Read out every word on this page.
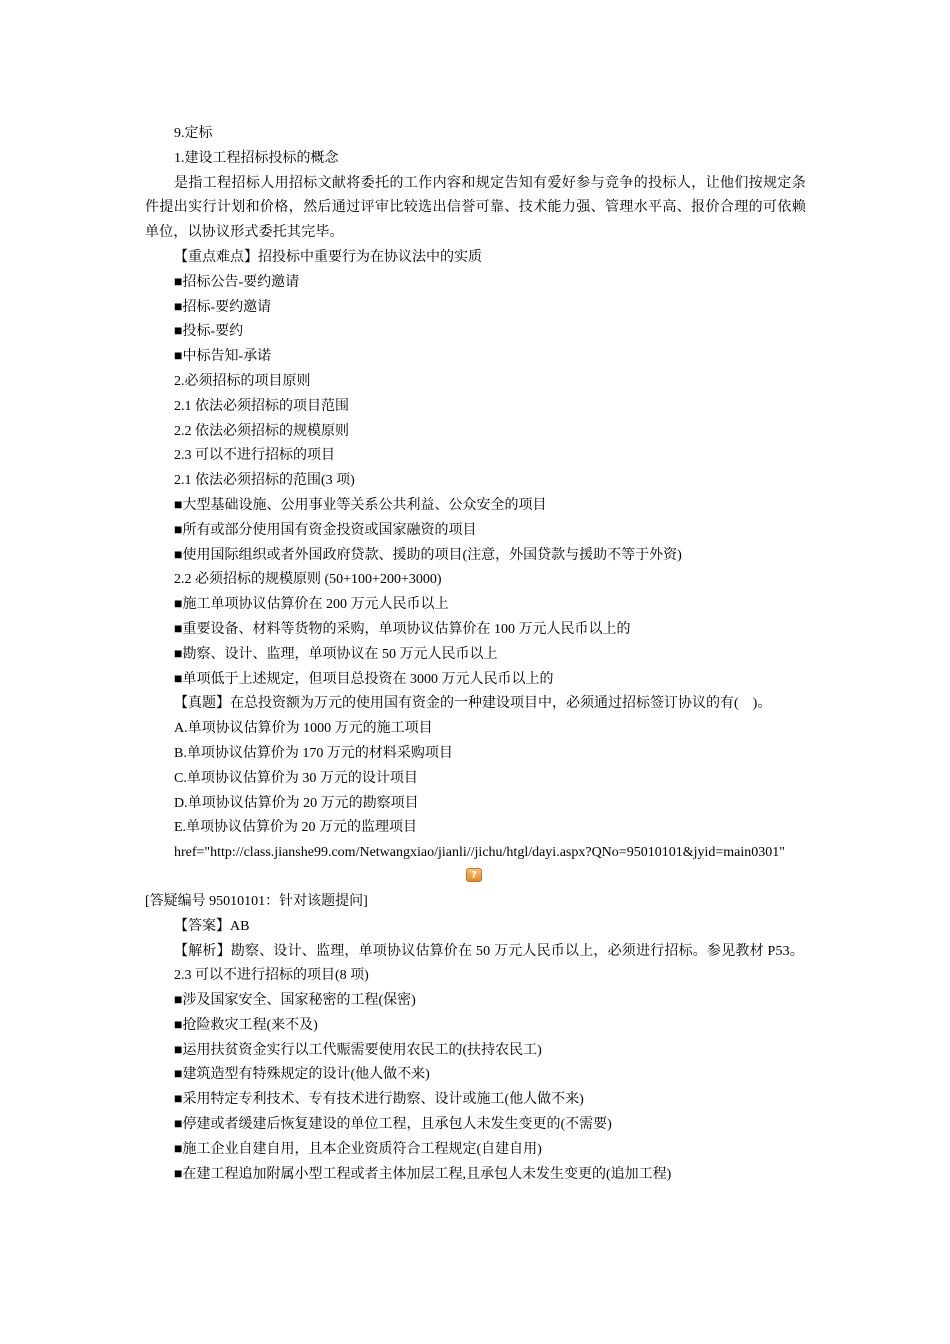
9.定标
1.建设工程招标投标的概念
是指工程招标人用招标文献将委托的工作内容和规定告知有爱好参与竞争的投标人，让他们按规定条件提出实行计划和价格，然后通过评审比较选出信誉可靠、技术能力强、管理水平高、报价合理的可依赖单位，以协议形式委托其完毕。
【重点难点】招投标中重要行为在协议法中的实质
■招标公告-要约邀请
■招标-要约邀请
■投标-要约
■中标告知-承诺
2.必须招标的项目原则
2.1 依法必须招标的项目范围
2.2 依法必须招标的规模原则
2.3 可以不进行招标的项目
2.1 依法必须招标的范围(3 项)
■大型基础设施、公用事业等关系公共利益、公众安全的项目
■所有或部分使用国有资金投资或国家融资的项目
■使用国际组织或者外国政府贷款、援助的项目(注意，外国贷款与援助不等于外资)
2.2 必须招标的规模原则 (50+100+200+3000)
■施工单项协议估算价在 200 万元人民币以上
■重要设备、材料等货物的采购，单项协议估算价在 100 万元人民币以上的
■勘察、设计、监理，单项协议在 50 万元人民币以上
■单项低于上述规定，但项目总投资在 3000 万元人民币以上的
【真题】在总投资额为万元的使用国有资金的一种建设项目中，必须通过招标签订协议的有(　)。
A.单项协议估算价为 1000 万元的施工项目
B.单项协议估算价为 170 万元的材料采购项目
C.单项协议估算价为 30 万元的设计项目
D.单项协议估算价为 20 万元的勘察项目
E.单项协议估算价为 20 万元的监理项目
href="http://class.jianshe99.com/Netwangxiao/jianli//jichu/htgl/dayi.aspx?QNo=95010101&jyid=main0301"
?
[答疑编号 95010101：针对该题提问]
【答案】AB
【解析】勘察、设计、监理，单项协议估算价在 50 万元人民币以上，必须进行招标。参见教材 P53。
2.3 可以不进行招标的项目(8 项)
■涉及国家安全、国家秘密的工程(保密)
■抢险救灾工程(来不及)
■运用扶贫资金实行以工代赈需要使用农民工的(扶持农民工)
■建筑造型有特殊规定的设计(他人做不来)
■采用特定专利技术、专有技术进行勘察、设计或施工(他人做不来)
■停建或者缓建后恢复建设的单位工程，且承包人未发生变更的(不需要)
■施工企业自建自用，且本企业资质符合工程规定(自建自用)
■在建工程追加附属小型工程或者主体加层工程,且承包人未发生变更的(追加工程)
